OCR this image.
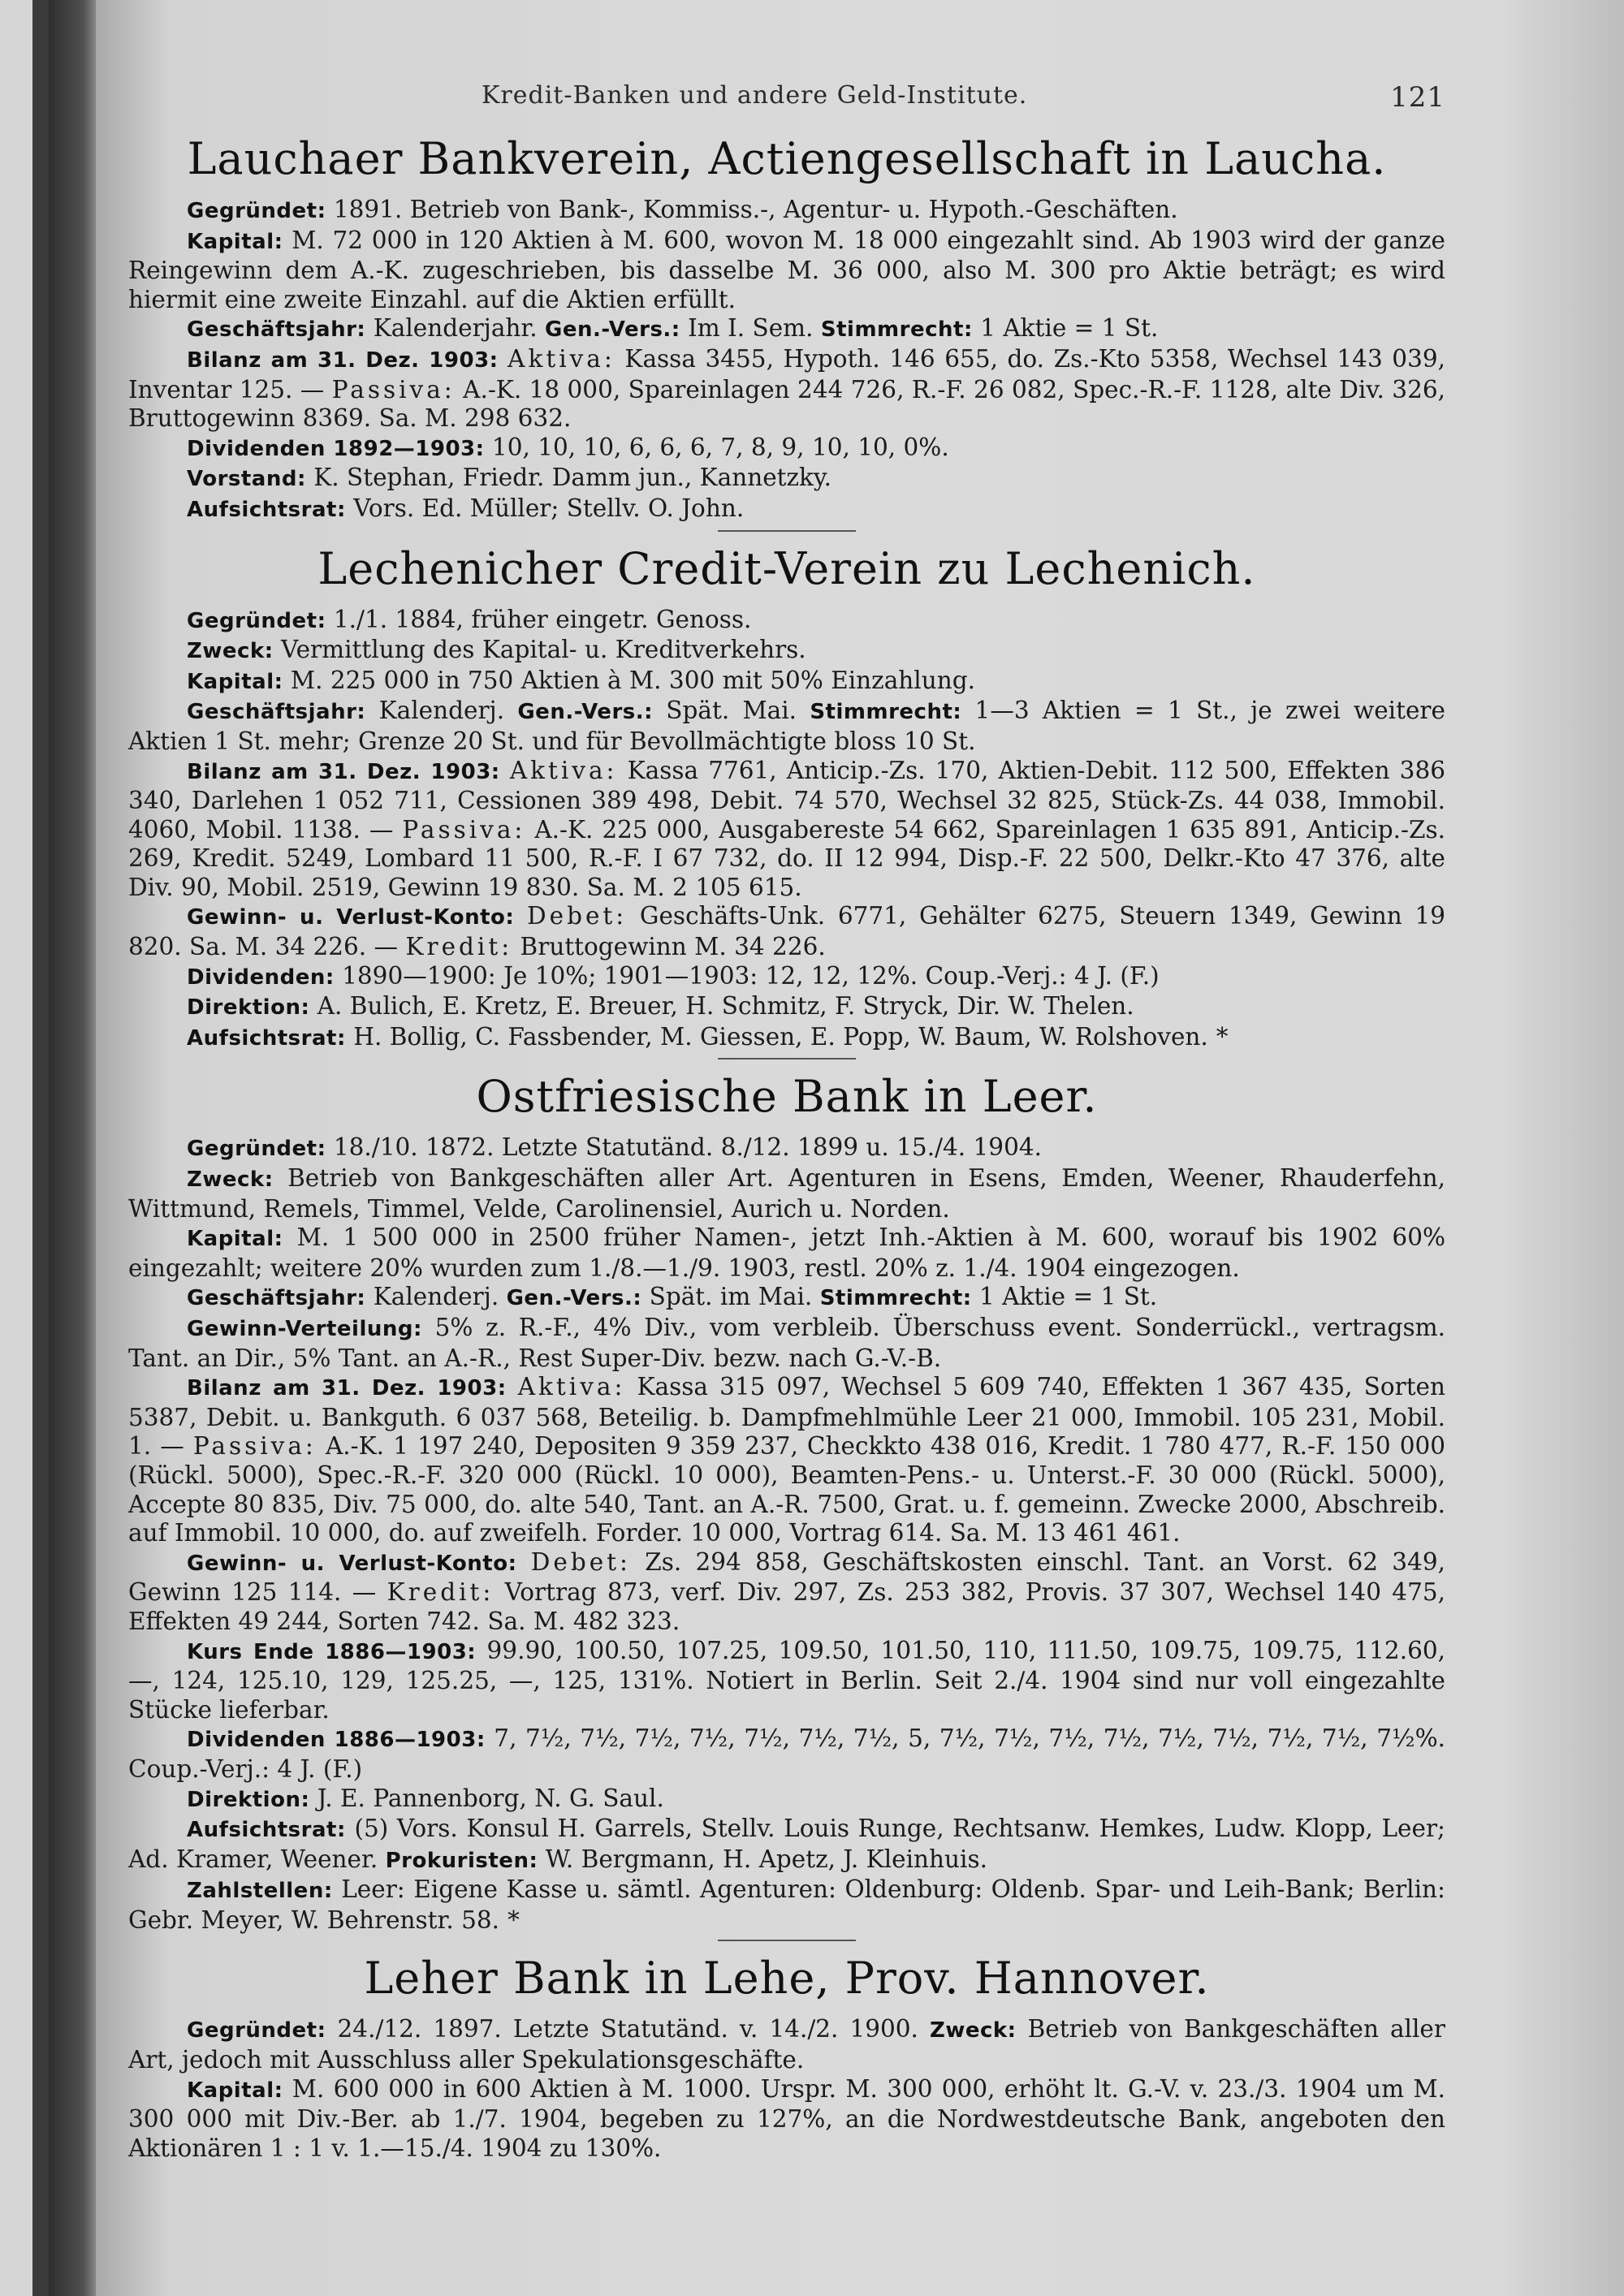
Kredit-Banken und andere Geld-Institute.	121
Lauchaer Bankverein, Actiengesellschaft in Laucha.

Gegründet: 1891. Betrieb von Bank-, Kommiss.-, Agentur- u. Hypoth.-Geschäften.

Kapital: M. 72 000 in 120 Aktien à M. 600, wovon M. 18 000 eingezahlt sind. Ab 1903 wird der ganze Reingewinn dem A.-K. zugeschrieben, bis dasselbe M. 36 000, also M. 300 pro Aktie beträgt; es wird hiermit eine zweite Einzahl. auf die Aktien erfüllt.

Geschäftsjahr: Kalenderjahr. Gen.-Vers.: Im I. Sem. Stimmrecht: 1 Aktie = 1 St.

Bilanz am 31. Dez. 1903: Aktiva: Kassa 3455, Hypoth. 146 655, do. Zs.-Kto 5358, Wechsel 143 039, Inventar 125. — Passiva: A.-K. 18 000, Spareinlagen 244 726, R.-F. 26 082, Spec.-R.-F. 1128, alte Div. 326, Bruttogewinn 8369. Sa. M. 298 632.

Dividenden 1892—1903: 10, 10, 10, 6, 6, 6, 7, 8, 9, 10, 10, 0%.

Vorstand: K. Stephan, Friedr. Damm jun., Kannetzky.

Aufsichtsrat: Vors. Ed. Müller; Stellv. O. John.

Lechenicher Credit-Verein zu Lechenich.

Gegründet: 1./1. 1884, früher eingetr. Genoss.

Zweck: Vermittlung des Kapital- u. Kreditverkehrs.

Kapital: M. 225 000 in 750 Aktien à M. 300 mit 50% Einzahlung.

Geschäftsjahr: Kalenderj. Gen.-Vers.: Spät. Mai. Stimmrecht: 1—3 Aktien = 1 St., je zwei weitere Aktien 1 St. mehr; Grenze 20 St. und für Bevollmächtigte bloss 10 St.

Bilanz am 31. Dez. 1903: Aktiva: Kassa 7761, Anticip.-Zs. 170, Aktien-Debit. 112 500, Effekten 386 340, Darlehen 1 052 711, Cessionen 389 498, Debit. 74 570, Wechsel 32 825, Stück-Zs. 44 038, Immobil. 4060, Mobil. 1138. — Passiva: A.-K. 225 000, Ausgabereste 54 662, Spareinlagen 1 635 891, Anticip.-Zs. 269, Kredit. 5249, Lombard 11 500, R.-F. I 67 732, do. II 12 994, Disp.-F. 22 500, Delkr.-Kto 47 376, alte Div. 90, Mobil. 2519, Gewinn 19 830. Sa. M. 2 105 615.

Gewinn- u. Verlust-Konto: Debet: Geschäfts-Unk. 6771, Gehälter 6275, Steuern 1349, Gewinn 19 820. Sa. M. 34 226. — Kredit: Bruttogewinn M. 34 226.

Dividenden: 1890—1900: Je 10%; 1901—1903: 12, 12, 12%. Coup.-Verj.: 4 J. (F.)

Direktion: A. Bulich, E. Kretz, E. Breuer, H. Schmitz, F. Stryck, Dir. W. Thelen.

Aufsichtsrat: H. Bollig, C. Fassbender, M. Giessen, E. Popp, W. Baum, W. Rolshoven. *

Ostfriesische Bank in Leer.

Gegründet: 18./10. 1872. Letzte Statutänd. 8./12. 1899 u. 15./4. 1904.

Zweck: Betrieb von Bankgeschäften aller Art. Agenturen in Esens, Emden, Weener, Rhauderfehn, Wittmund, Remels, Timmel, Velde, Carolinensiel, Aurich u. Norden.

Kapital: M. 1 500 000 in 2500 früher Namen-, jetzt Inh.-Aktien à M. 600, worauf bis 1902 60% eingezahlt; weitere 20% wurden zum 1./8.—1./9. 1903, restl. 20% z. 1./4. 1904 eingezogen.

Geschäftsjahr: Kalenderj. Gen.-Vers.: Spät. im Mai. Stimmrecht: 1 Aktie = 1 St.

Gewinn-Verteilung: 5% z. R.-F., 4% Div., vom verbleib. Überschuss event. Sonderrückl., vertragsm. Tant. an Dir., 5% Tant. an A.-R., Rest Super-Div. bezw. nach G.-V.-B.

Bilanz am 31. Dez. 1903: Aktiva: Kassa 315 097, Wechsel 5 609 740, Effekten 1 367 435, Sorten 5387, Debit. u. Bankguth. 6 037 568, Beteilig. b. Dampfmehlmühle Leer 21 000, Immobil. 105 231, Mobil. 1. — Passiva: A.-K. 1 197 240, Depositen 9 359 237, Checkkto 438 016, Kredit. 1 780 477, R.-F. 150 000 (Rückl. 5000), Spec.-R.-F. 320 000 (Rückl. 10 000), Beamten-Pens.- u. Unterst.-F. 30 000 (Rückl. 5000), Accepte 80 835, Div. 75 000, do. alte 540, Tant. an A.-R. 7500, Grat. u. f. gemeinn. Zwecke 2000, Abschreib. auf Immobil. 10 000, do. auf zweifelh. Forder. 10 000, Vortrag 614. Sa. M. 13 461 461.

Gewinn- u. Verlust-Konto: Debet: Zs. 294 858, Geschäftskosten einschl. Tant. an Vorst. 62 349, Gewinn 125 114. — Kredit: Vortrag 873, verf. Div. 297, Zs. 253 382, Provis. 37 307, Wechsel 140 475, Effekten 49 244, Sorten 742. Sa. M. 482 323.

Kurs Ende 1886—1903: 99.90, 100.50, 107.25, 109.50, 101.50, 110, 111.50, 109.75, 109.75, 112.60, —, 124, 125.10, 129, 125.25, —, 125, 131%. Notiert in Berlin. Seit 2./4. 1904 sind nur voll eingezahlte Stücke lieferbar.

Dividenden 1886—1903: 7, 7½, 7½, 7½, 7½, 7½, 7½, 7½, 5, 7½, 7½, 7½, 7½, 7½, 7½, 7½, 7½, 7½%. Coup.-Verj.: 4 J. (F.)

Direktion: J. E. Pannenborg, N. G. Saul.

Aufsichtsrat: (5) Vors. Konsul H. Garrels, Stellv. Louis Runge, Rechtsanw. Hemkes, Ludw. Klopp, Leer; Ad. Kramer, Weener. Prokuristen: W. Bergmann, H. Apetz, J. Kleinhuis.

Zahlstellen: Leer: Eigene Kasse u. sämtl. Agenturen: Oldenburg: Oldenb. Spar- und Leih-Bank; Berlin: Gebr. Meyer, W. Behrenstr. 58. *

Leher Bank in Lehe, Prov. Hannover.

Gegründet: 24./12. 1897. Letzte Statutänd. v. 14./2. 1900. Zweck: Betrieb von Bankgeschäften aller Art, jedoch mit Ausschluss aller Spekulationsgeschäfte.

Kapital: M. 600 000 in 600 Aktien à M. 1000. Urspr. M. 300 000, erhöht lt. G.-V. v. 23./3. 1904 um M. 300 000 mit Div.-Ber. ab 1./7. 1904, begeben zu 127%, an die Nordwestdeutsche Bank, angeboten den Aktionären 1 : 1 v. 1.—15./4. 1904 zu 130%.
